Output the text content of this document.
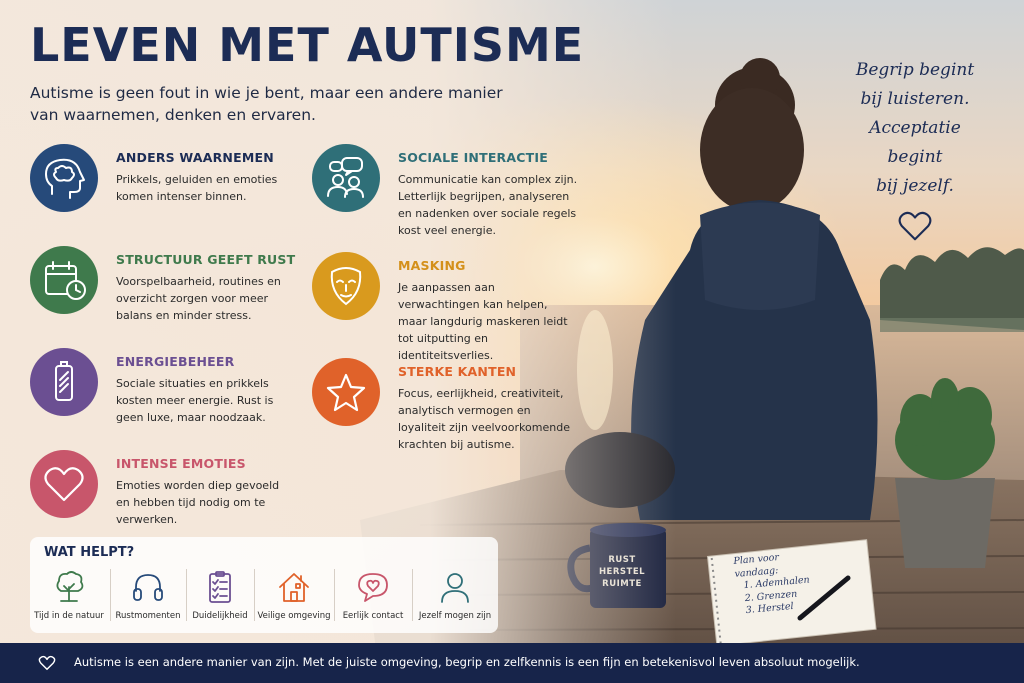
LEVEN MET AUTISME

Autisme is geen fout in wie je bent, maar een andere manier van waarnemen, denken en ervaren.

ANDERS WAARNEMEN
Prikkels, geluiden en emoties komen intenser binnen.
STRUCTUUR GEEFT RUST
Voorspelbaarheid, routines en overzicht zorgen voor meer balans en minder stress.
ENERGIEBEHEER
Sociale situaties en prikkels kosten meer energie. Rust is geen luxe, maar noodzaak.
INTENSE EMOTIES
Emoties worden diep gevoeld en hebben tijd nodig om te verwerken.
SOCIALE INTERACTIE
Communicatie kan complex zijn. Letterlijk begrijpen, analyseren en nadenken over sociale regels kost veel energie.
MASKING
Je aanpassen aan verwachtingen kan helpen, maar langdurig maskeren leidt tot uitputting en identiteitsverlies.
STERKE KANTEN
Focus, eerlijkheid, creativiteit, analytisch vermogen en loyaliteit zijn veelvoorkomende krachten bij autisme.
WAT HELPT?
Tijd in de natuur	Rustmomenten	Duidelijkheid	Veilige omgeving	Eerlijk contact	Jezelf mogen zijn
Begrip begint
bij luisteren.
Acceptatie begint
bij jezelf.
RUST
HERSTEL
RUIMTE
Plan voor
vandaag:
1. Ademhalen
2. Grenzen
3. Herstel
Autisme is een andere manier van zijn. Met de juiste omgeving, begrip en zelfkennis is een fijn en betekenisvol leven absoluut mogelijk.
